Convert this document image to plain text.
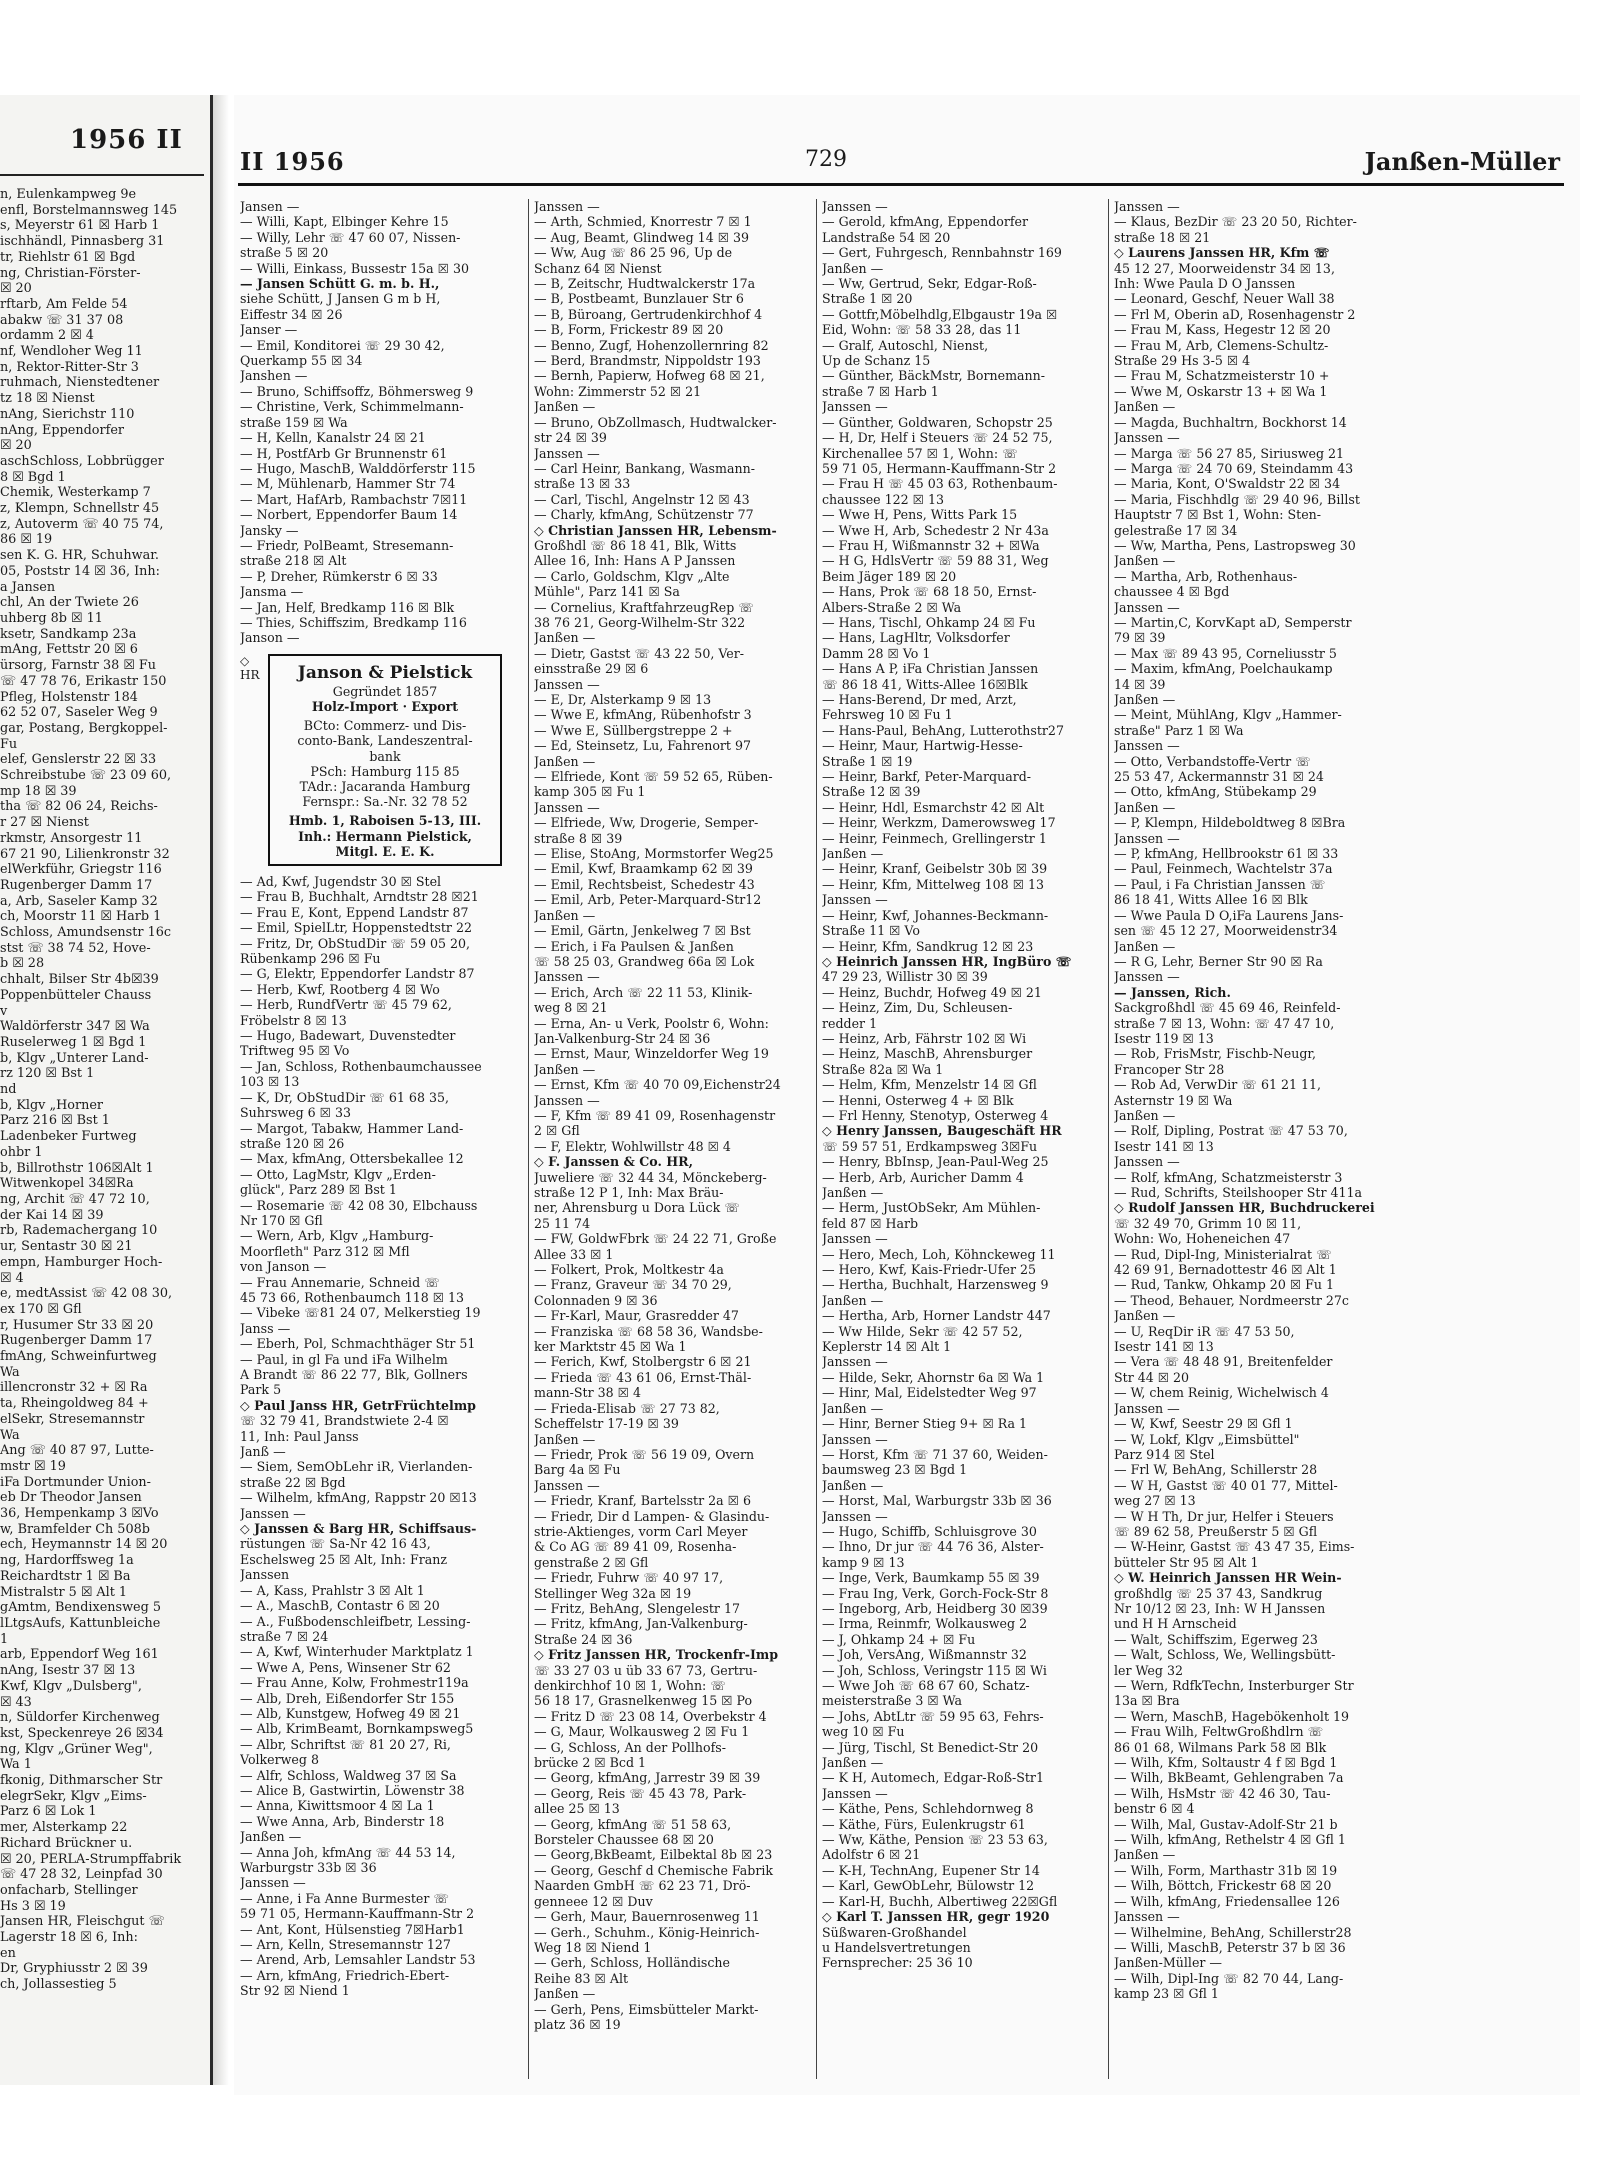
1956 II
n, Eulenkampweg 9e
enfl, Borstelmannsweg 145
s, Meyerstr 61 ☒ Harb 1
ischhändl, Pinnasberg 31
tr, Riehlstr 61 ☒ Bgd
ng, Christian-Förster-
☒ 20
rftarb, Am Felde 54
abakw ☏ 31 37 08
ordamm 2 ☒ 4
nf, Wendloher Weg 11
n, Rektor-Ritter-Str 3
ruhmach, Nienstedtener
tz 18 ☒ Nienst
nAng, Sierichstr 110
nAng, Eppendorfer
☒ 20
aschSchloss, Lobbrügger
8 ☒ Bgd 1
Chemik, Westerkamp 7
z, Klempn, Schnellstr 45
z, Autoverm ☏ 40 75 74,
86 ☒ 19
sen K. G. HR, Schuhwar.
05, Poststr 14 ☒ 36, Inh:
a Jansen
chl, An der Twiete 26
uhberg 8b ☒ 11
ksetr, Sandkamp 23a
mAng, Fettstr 20 ☒ 6
ürsorg, Farnstr 38 ☒ Fu
☏ 47 78 76, Erikastr 150
Pfleg, Holstenstr 184
62 52 07, Saseler Weg 9
gar, Postang, Bergkoppel-
Fu
elef, Genslerstr 22 ☒ 33
Schreibstube ☏ 23 09 60,
mp 18 ☒ 39
tha ☏ 82 06 24, Reichs-
r 27 ☒ Nienst
rkmstr, Ansorgestr 11
67 21 90, Lilienkronstr 32
elWerkführ, Griegstr 116
Rugenberger Damm 17
a, Arb, Saseler Kamp 32
ch, Moorstr 11 ☒ Harb 1
Schloss, Amundsenstr 16c
stst ☏ 38 74 52, Hove-
b ☒ 28
chhalt, Bilser Str 4b☒39
Poppenbütteler Chauss
v
Waldörferstr 347 ☒ Wa
Ruselerweg 1 ☒ Bgd 1
b, Klgv „Unterer Land-
rz 120 ☒ Bst 1
nd
b, Klgv „Horner
Parz 216 ☒ Bst 1
Ladenbeker Furtweg
ohbr 1
b, Billrothstr 106☒Alt 1
Witwenkopel 34☒Ra
ng, Archit ☏ 47 72 10,
der Kai 14 ☒ 39
rb, Rademachergang 10
ur, Sentastr 30 ☒ 21
empn, Hamburger Hoch-
☒ 4
e, medtAssist ☏ 42 08 30,
ex 170 ☒ Gfl
r, Husumer Str 33 ☒ 20
Rugenberger Damm 17
fmAng, Schweinfurtweg
Wa
illencronstr 32 + ☒ Ra
ta, Rheingoldweg 84 +
elSekr, Stresemannstr
Wa
Ang ☏ 40 87 97, Lutte-
mstr ☒ 19
iFa Dortmunder Union-
eb Dr Theodor Jansen
36, Hempenkamp 3 ☒Vo
w, Bramfelder Ch 508b
ech, Heymannstr 14 ☒ 20
ng, Hardorffsweg 1a
Reichardtstr 1 ☒ Ba
Mistralstr 5 ☒ Alt 1
gAmtm, Bendixensweg 5
lLtgsAufs, Kattunbleiche
1
arb, Eppendorf Weg 161
nAng, Isestr 37 ☒ 13
Kwf, Klgv „Dulsberg",
☒ 43
n, Süldorfer Kirchenweg
kst, Speckenreye 26 ☒34
ng, Klgv „Grüner Weg",
Wa 1
fkonig, Dithmarscher Str
elegrSekr, Klgv „Eims-
Parz 6 ☒ Lok 1
mer, Alsterkamp 22
Richard Brückner u.
☒ 20, PERLA-Strumpffabrik
☏ 47 28 32, Leinpfad 30
onfacharb, Stellinger
Hs 3 ☒ 19
Jansen HR, Fleischgut ☏
Lagerstr 18 ☒ 6, Inh:
en
Dr, Gryphiusstr 2 ☒ 39
ch, Jollassestieg 5
II 1956	729	Janßen-Müller
Jansen —
— Willi, Kapt, Elbinger Kehre 15
— Willy, Lehr ☏ 47 60 07, Nissen-
straße 5 ☒ 20
— Willi, Einkass, Bussestr 15a ☒ 30
— Jansen Schütt G. m. b. H.,
siehe Schütt, J Jansen G m b H,
Eiffestr 34 ☒ 26
Janser —
— Emil, Konditorei ☏ 29 30 42,
Querkamp 55 ☒ 34
Janshen —
— Bruno, Schiffsoffz, Böhmersweg 9
— Christine, Verk, Schimmelmann-
straße 159 ☒ Wa
— H, Kelln, Kanalstr 24 ☒ 21
— H, PostfArb Gr Brunnenstr 61
— Hugo, MaschB, Walddörferstr 115
— M, Mühlenarb, Hammer Str 74
— Mart, HafArb, Rambachstr 7☒11
— Norbert, Eppendorfer Baum 14
Jansky —
— Friedr, PolBeamt, Stresemann-
straße 218 ☒ Alt
— P, Dreher, Rümkerstr 6 ☒ 33
Jansma —
— Jan, Helf, Bredkamp 116 ☒ Blk
— Thies, Schiffszim, Bredkamp 116
Janson —
◇
HR	Janson & Pielstick
Gegründet 1857
Holz-Import · Export
BCto: Commerz- und Dis-
conto-Bank, Landeszentral-
bank
PSch: Hamburg 115 85
TAdr.: Jacaranda Hamburg
Fernspr.: Sa.-Nr. 32 78 52
Hmb. 1, Raboisen 5-13, III.
Inh.: Hermann Pielstick,
Mitgl. E. E. K.
— Ad, Kwf, Jugendstr 30 ☒ Stel
— Frau B, Buchhalt, Arndtstr 28 ☒21
— Frau E, Kont, Eppend Landstr 87
— Emil, SpielLtr, Hoppenstedtstr 22
— Fritz, Dr, ObStudDir ☏ 59 05 20,
Rübenkamp 296 ☒ Fu
— G, Elektr, Eppendorfer Landstr 87
— Herb, Kwf, Rootberg 4 ☒ Wo
— Herb, RundfVertr ☏ 45 79 62,
Fröbelstr 8 ☒ 13
— Hugo, Badewart, Duvenstedter
Triftweg 95 ☒ Vo
— Jan, Schloss, Rothenbaumchaussee
103 ☒ 13
— K, Dr, ObStudDir ☏ 61 68 35,
Suhrsweg 6 ☒ 33
— Margot, Tabakw, Hammer Land-
straße 120 ☒ 26
— Max, kfmAng, Ottersbekallee 12
— Otto, LagMstr, Klgv „Erden-
glück", Parz 289 ☒ Bst 1
— Rosemarie ☏ 42 08 30, Elbchauss
Nr 170 ☒ Gfl
— Wern, Arb, Klgv „Hamburg-
Moorfleth" Parz 312 ☒ Mfl
von Janson —
— Frau Annemarie, Schneid ☏
45 73 66, Rothenbaumch 118 ☒ 13
— Vibeke ☏81 24 07, Melkerstieg 19
Janss —
— Eberh, Pol, Schmachthäger Str 51
— Paul, in gl Fa und iFa Wilhelm
A Brandt ☏ 86 22 77, Blk, Gollners
Park 5
◇ Paul Janss HR, GetrFrüchtelmp
☏ 32 79 41, Brandstwiete 2-4 ☒
11, Inh: Paul Janss
Janß —
— Siem, SemObLehr iR, Vierlanden-
straße 22 ☒ Bgd
— Wilhelm, kfmAng, Rappstr 20 ☒13
Janssen —
◇ Janssen & Barg HR, Schiffsaus-
rüstungen ☏ Sa-Nr 42 16 43,
Eschelsweg 25 ☒ Alt, Inh: Franz
Janssen
— A, Kass, Prahlstr 3 ☒ Alt 1
— A., MaschB, Contastr 6 ☒ 20
— A., Fußbodenschleifbetr, Lessing-
straße 7 ☒ 24
— A, Kwf, Winterhuder Marktplatz 1
— Wwe A, Pens, Winsener Str 62
— Frau Anne, Kolw, Frohmestr119a
— Alb, Dreh, Eißendorfer Str 155
— Alb, Kunstgew, Hofweg 49 ☒ 21
— Alb, KrimBeamt, Bornkampsweg5
— Albr, Schriftst ☏ 81 20 27, Ri,
Volkerweg 8
— Alfr, Schloss, Waldweg 37 ☒ Sa
— Alice B, Gastwirtin, Löwenstr 38
— Anna, Kiwittsmoor 4 ☒ La 1
— Wwe Anna, Arb, Binderstr 18
Janßen —
— Anna Joh, kfmAng ☏ 44 53 14,
Warburgstr 33b ☒ 36
Janssen —
— Anne, i Fa Anne Burmester ☏
59 71 05, Hermann-Kauffmann-Str 2
— Ant, Kont, Hülsenstieg 7☒Harb1
— Arn, Kelln, Stresemannstr 127
— Arend, Arb, Lemsahler Landstr 53
— Arn, kfmAng, Friedrich-Ebert-
Str 92 ☒ Niend 1
Janssen —
— Arth, Schmied, Knorrestr 7 ☒ 1
— Aug, Beamt, Glindweg 14 ☒ 39
— Ww, Aug ☏ 86 25 96, Up de
Schanz 64 ☒ Nienst
— B, Zeitschr, Hudtwalckerstr 17a
— B, Postbeamt, Bunzlauer Str 6
— B, Büroang, Gertrudenkirchhof 4
— B, Form, Frickestr 89 ☒ 20
— Benno, Zugf, Hohenzollernring 82
— Berd, Brandmstr, Nippoldstr 193
— Bernh, Papierw, Hofweg 68 ☒ 21,
Wohn: Zimmerstr 52 ☒ 21
Janßen —
— Bruno, ObZollmasch, Hudtwalcker-
str 24 ☒ 39
Janssen —
— Carl Heinr, Bankang, Wasmann-
straße 13 ☒ 33
— Carl, Tischl, Angelnstr 12 ☒ 43
— Charly, kfmAng, Schützenstr 77
◇ Christian Janssen HR, Lebensm-
Großhdl ☏ 86 18 41, Blk, Witts
Allee 16, Inh: Hans A P Janssen
— Carlo, Goldschm, Klgv „Alte
Mühle", Parz 141 ☒ Sa
— Cornelius, KraftfahrzeugRep ☏
38 76 21, Georg-Wilhelm-Str 322
Janßen —
— Dietr, Gastst ☏ 43 22 50, Ver-
einsstraße 29 ☒ 6
Janssen —
— E, Dr, Alsterkamp 9 ☒ 13
— Wwe E, kfmAng, Rübenhofstr 3
— Wwe E, Süllbergstreppe 2 +
— Ed, Steinsetz, Lu, Fahrenort 97
Janßen —
— Elfriede, Kont ☏ 59 52 65, Rüben-
kamp 305 ☒ Fu 1
Janssen —
— Elfriede, Ww, Drogerie, Semper-
straße 8 ☒ 39
— Elise, StoAng, Mormstorfer Weg25
— Emil, Kwf, Braamkamp 62 ☒ 39
— Emil, Rechtsbeist, Schedestr 43
— Emil, Arb, Peter-Marquard-Str12
Janßen —
— Emil, Gärtn, Jenkelweg 7 ☒ Bst
— Erich, i Fa Paulsen & Janßen
☏ 58 25 03, Grandweg 66a ☒ Lok
Janssen —
— Erich, Arch ☏ 22 11 53, Klinik-
weg 8 ☒ 21
— Erna, An- u Verk, Poolstr 6, Wohn:
Jan-Valkenburg-Str 24 ☒ 36
— Ernst, Maur, Winzeldorfer Weg 19
Janßen —
— Ernst, Kfm ☏ 40 70 09,Eichenstr24
Janssen —
— F, Kfm ☏ 89 41 09, Rosenhagenstr
2 ☒ Gfl
— F, Elektr, Wohlwillstr 48 ☒ 4
◇ F. Janssen & Co. HR,
Juweliere ☏ 32 44 34, Mönckeberg-
straße 12 P 1, Inh: Max Bräu-
ner, Ahrensburg u Dora Lück ☏
25 11 74
— FW, GoldwFbrk ☏ 24 22 71, Große
Allee 33 ☒ 1
— Folkert, Prok, Moltkestr 4a
— Franz, Graveur ☏ 34 70 29,
Colonnaden 9 ☒ 36
— Fr-Karl, Maur, Grasredder 47
— Franziska ☏ 68 58 36, Wandsbe-
ker Marktstr 45 ☒ Wa 1
— Ferich, Kwf, Stolbergstr 6 ☒ 21
— Frieda ☏ 43 61 06, Ernst-Thäl-
mann-Str 38 ☒ 4
— Frieda-Elisab ☏ 27 73 82,
Scheffelstr 17-19 ☒ 39
Janßen —
— Friedr, Prok ☏ 56 19 09, Overn
Barg 4a ☒ Fu
Janssen —
— Friedr, Kranf, Bartelsstr 2a ☒ 6
— Friedr, Dir d Lampen- & Glasindu-
strie-Aktienges, vorm Carl Meyer
& Co AG ☏ 89 41 09, Rosenha-
genstraße 2 ☒ Gfl
— Friedr, Fuhrw ☏ 40 97 17,
Stellinger Weg 32a ☒ 19
— Fritz, BehAng, Slengelestr 17
— Fritz, kfmAng, Jan-Valkenburg-
Straße 24 ☒ 36
◇ Fritz Janssen HR, Trockenfr-Imp
☏ 33 27 03 u üb 33 67 73, Gertru-
denkirchhof 10 ☒ 1, Wohn: ☏
56 18 17, Grasnelkenweg 15 ☒ Po
— Fritz D ☏ 23 08 14, Overbekstr 4
— G, Maur, Wolkausweg 2 ☒ Fu 1
— G, Schloss, An der Pollhofs-
brücke 2 ☒ Bcd 1
— Georg, kfmAng, Jarrestr 39 ☒ 39
— Georg, Reis ☏ 45 43 78, Park-
allee 25 ☒ 13
— Georg, kfmAng ☏ 51 58 63,
Borsteler Chaussee 68 ☒ 20
— Georg,BkBeamt, Eilbektal 8b ☒ 23
— Georg, Geschf d Chemische Fabrik
Naarden GmbH ☏ 62 23 71, Drö-
genneee 12 ☒ Duv
— Gerh, Maur, Bauernrosenweg 11
— Gerh., Schuhm., König-Heinrich-
Weg 18 ☒ Niend 1
— Gerh, Schloss, Holländische
Reihe 83 ☒ Alt
Janßen —
— Gerh, Pens, Eimsbütteler Markt-
platz 36 ☒ 19
Janssen —
— Gerold, kfmAng, Eppendorfer
Landstraße 54 ☒ 20
— Gert, Fuhrgesch, Rennbahnstr 169
Janßen —
— Ww, Gertrud, Sekr, Edgar-Roß-
Straße 1 ☒ 20
— Gottfr,Möbelhdlg,Elbgaustr 19a ☒
Eid, Wohn: ☏ 58 33 28, das 11
— Gralf, Autoschl, Nienst,
Up de Schanz 15
— Günther, BäckMstr, Bornemann-
straße 7 ☒ Harb 1
Janssen —
— Günther, Goldwaren, Schopstr 25
— H, Dr, Helf i Steuers ☏ 24 52 75,
Kirchenallee 57 ☒ 1, Wohn: ☏
59 71 05, Hermann-Kauffmann-Str 2
— Frau H ☏ 45 03 63, Rothenbaum-
chaussee 122 ☒ 13
— Wwe H, Pens, Witts Park 15
— Wwe H, Arb, Schedestr 2 Nr 43a
— Frau H, Wißmannstr 32 + ☒Wa
— H G, HdlsVertr ☏ 59 88 31, Weg
Beim Jäger 189 ☒ 20
— Hans, Prok ☏ 68 18 50, Ernst-
Albers-Straße 2 ☒ Wa
— Hans, Tischl, Ohkamp 24 ☒ Fu
— Hans, LagHltr, Volksdorfer
Damm 28 ☒ Vo 1
— Hans A P, iFa Christian Janssen
☏ 86 18 41, Witts-Allee 16☒Blk
— Hans-Berend, Dr med, Arzt,
Fehrsweg 10 ☒ Fu 1
— Hans-Paul, BehAng, Lutterothstr27
— Heinr, Maur, Hartwig-Hesse-
Straße 1 ☒ 19
— Heinr, Barkf, Peter-Marquard-
Straße 12 ☒ 39
— Heinr, Hdl, Esmarchstr 42 ☒ Alt
— Heinr, Werkzm, Damerowsweg 17
— Heinr, Feinmech, Grellingerstr 1
Janßen —
— Heinr, Kranf, Geibelstr 30b ☒ 39
— Heinr, Kfm, Mittelweg 108 ☒ 13
Janssen —
— Heinr, Kwf, Johannes-Beckmann-
Straße 11 ☒ Vo
— Heinr, Kfm, Sandkrug 12 ☒ 23
◇ Heinrich Janssen HR, IngBüro ☏
47 29 23, Willistr 30 ☒ 39
— Heinz, Buchdr, Hofweg 49 ☒ 21
— Heinz, Zim, Du, Schleusen-
redder 1
— Heinz, Arb, Fährstr 102 ☒ Wi
— Heinz, MaschB, Ahrensburger
Straße 82a ☒ Wa 1
— Helm, Kfm, Menzelstr 14 ☒ Gfl
— Henni, Osterweg 4 + ☒ Blk
— Frl Henny, Stenotyp, Osterweg 4
◇ Henry Janssen, Baugeschäft HR
☏ 59 57 51, Erdkampsweg 3☒Fu
— Henry, BbInsp, Jean-Paul-Weg 25
— Herb, Arb, Auricher Damm 4
Janßen —
— Herm, JustObSekr, Am Mühlen-
feld 87 ☒ Harb
Janssen —
— Hero, Mech, Loh, Köhnckeweg 11
— Hero, Kwf, Kais-Friedr-Ufer 25
— Hertha, Buchhalt, Harzensweg 9
Janßen —
— Hertha, Arb, Horner Landstr 447
— Ww Hilde, Sekr ☏ 42 57 52,
Keplerstr 14 ☒ Alt 1
Janssen —
— Hilde, Sekr, Ahornstr 6a ☒ Wa 1
— Hinr, Mal, Eidelstedter Weg 97
Janßen —
— Hinr, Berner Stieg 9+ ☒ Ra 1
Janssen —
— Horst, Kfm ☏ 71 37 60, Weiden-
baumsweg 23 ☒ Bgd 1
Janßen —
— Horst, Mal, Warburgstr 33b ☒ 36
Janssen —
— Hugo, Schiffb, Schluisgrove 30
— Ihno, Dr jur ☏ 44 76 36, Alster-
kamp 9 ☒ 13
— Inge, Verk, Baumkamp 55 ☒ 39
— Frau Ing, Verk, Gorch-Fock-Str 8
— Ingeborg, Arb, Heidberg 30 ☒39
— Irma, Reinmfr, Wolkausweg 2
— J, Ohkamp 24 + ☒ Fu
— Joh, VersAng, Wißmannstr 32
— Joh, Schloss, Veringstr 115 ☒ Wi
— Wwe Joh ☏ 68 67 60, Schatz-
meisterstraße 3 ☒ Wa
— Johs, AbtLtr ☏ 59 95 63, Fehrs-
weg 10 ☒ Fu
— Jürg, Tischl, St Benedict-Str 20
Janßen —
— K H, Automech, Edgar-Roß-Str1
Janssen —
— Käthe, Pens, Schlehdornweg 8
— Käthe, Fürs, Eulenkrugstr 61
— Ww, Käthe, Pension ☏ 23 53 63,
Adolfstr 6 ☒ 21
— K-H, TechnAng, Eupener Str 14
— Karl, GewObLehr, Bülowstr 12
— Karl-H, Buchh, Albertiweg 22☒Gfl
◇ Karl T. Janssen HR, gegr 1920
Süßwaren-Großhandel
u Handelsvertretungen
Fernsprecher: 25 36 10
Janssen —
— Klaus, BezDir ☏ 23 20 50, Richter-
straße 18 ☒ 21
◇ Laurens Janssen HR, Kfm ☏
45 12 27, Moorweidenstr 34 ☒ 13,
Inh: Wwe Paula D O Janssen
— Leonard, Geschf, Neuer Wall 38
— Frl M, Oberin aD, Rosenhagenstr 2
— Frau M, Kass, Hegestr 12 ☒ 20
— Frau M, Arb, Clemens-Schultz-
Straße 29 Hs 3-5 ☒ 4
— Frau M, Schatzmeisterstr 10 +
— Wwe M, Oskarstr 13 + ☒ Wa 1
Janßen —
— Magda, Buchhaltrn, Bockhorst 14
Janssen —
— Marga ☏ 56 27 85, Siriusweg 21
— Marga ☏ 24 70 69, Steindamm 43
— Maria, Kont, O'Swaldstr 22 ☒ 34
— Maria, Fischhdlg ☏ 29 40 96, Billst
Hauptstr 7 ☒ Bst 1, Wohn: Sten-
gelestraße 17 ☒ 34
— Ww, Martha, Pens, Lastropsweg 30
Janßen —
— Martha, Arb, Rothenhaus-
chaussee 4 ☒ Bgd
Janssen —
— Martin,C, KorvKapt aD, Semperstr
79 ☒ 39
— Max ☏ 89 43 95, Corneliusstr 5
— Maxim, kfmAng, Poelchaukamp
14 ☒ 39
Janßen —
— Meint, MühlAng, Klgv „Hammer-
straße" Parz 1 ☒ Wa
Janssen —
— Otto, Verbandstoffe-Vertr ☏
25 53 47, Ackermannstr 31 ☒ 24
— Otto, kfmAng, Stübekamp 29
Janßen —
— P, Klempn, Hildeboldtweg 8 ☒Bra
Janssen —
— P, kfmAng, Hellbrookstr 61 ☒ 33
— Paul, Feinmech, Wachtelstr 37a
— Paul, i Fa Christian Janssen ☏
86 18 41, Witts Allee 16 ☒ Blk
— Wwe Paula D O,iFa Laurens Jans-
sen ☏ 45 12 27, Moorweidenstr34
Janßen —
— R G, Lehr, Berner Str 90 ☒ Ra
Janssen —
— Janssen, Rich.
Sackgroßhdl ☏ 45 69 46, Reinfeld-
straße 7 ☒ 13, Wohn: ☏ 47 47 10,
Isestr 119 ☒ 13
— Rob, FrisMstr, Fischb-Neugr,
Francoper Str 28
— Rob Ad, VerwDir ☏ 61 21 11,
Asternstr 19 ☒ Wa
Janßen —
— Rolf, Dipling, Postrat ☏ 47 53 70,
Isestr 141 ☒ 13
Janssen —
— Rolf, kfmAng, Schatzmeisterstr 3
— Rud, Schrifts, Steilshooper Str 411a
◇ Rudolf Janssen HR, Buchdruckerei
☏ 32 49 70, Grimm 10 ☒ 11,
Wohn: Wo, Hoheneichen 47
— Rud, Dipl-Ing, Ministerialrat ☏
42 69 91, Bernadottestr 46 ☒ Alt 1
— Rud, Tankw, Ohkamp 20 ☒ Fu 1
— Theod, Behauer, Nordmeerstr 27c
Janßen —
— U, ReqDir iR ☏ 47 53 50,
Isestr 141 ☒ 13
— Vera ☏ 48 48 91, Breitenfelder
Str 44 ☒ 20
— W, chem Reinig, Wichelwisch 4
Janssen —
— W, Kwf, Seestr 29 ☒ Gfl 1
— W, Lokf, Klgv „Eimsbüttel"
Parz 914 ☒ Stel
— Frl W, BehAng, Schillerstr 28
— W H, Gastst ☏ 40 01 77, Mittel-
weg 27 ☒ 13
— W H Th, Dr jur, Helfer i Steuers
☏ 89 62 58, Preußerstr 5 ☒ Gfl
— W-Heinr, Gastst ☏ 43 47 35, Eims-
bütteler Str 95 ☒ Alt 1
◇ W. Heinrich Janssen HR Wein-
großhdlg ☏ 25 37 43, Sandkrug
Nr 10/12 ☒ 23, Inh: W H Janssen
und H H Arnscheid
— Walt, Schiffszim, Egerweg 23
— Walt, Schloss, We, Wellingsbütt-
ler Weg 32
— Wern, RdfkTechn, Insterburger Str
13a ☒ Bra
— Wern, MaschB, Hagebökenholt 19
— Frau Wilh, FeltwGroßhdlrn ☏
86 01 68, Wilmans Park 58 ☒ Blk
— Wilh, Kfm, Soltaustr 4 f ☒ Bgd 1
— Wilh, BkBeamt, Gehlengraben 7a
— Wilh, HsMstr ☏ 42 46 30, Tau-
benstr 6 ☒ 4
— Wilh, Mal, Gustav-Adolf-Str 21 b
— Wilh, kfmAng, Rethelstr 4 ☒ Gfl 1
Janßen —
— Wilh, Form, Marthastr 31b ☒ 19
— Wilh, Böttch, Frickestr 68 ☒ 20
— Wilh, kfmAng, Friedensallee 126
Janssen —
— Wilhelmine, BehAng, Schillerstr28
— Willi, MaschB, Peterstr 37 b ☒ 36
Janßen-Müller —
— Wilh, Dipl-Ing ☏ 82 70 44, Lang-
kamp 23 ☒ Gfl 1
